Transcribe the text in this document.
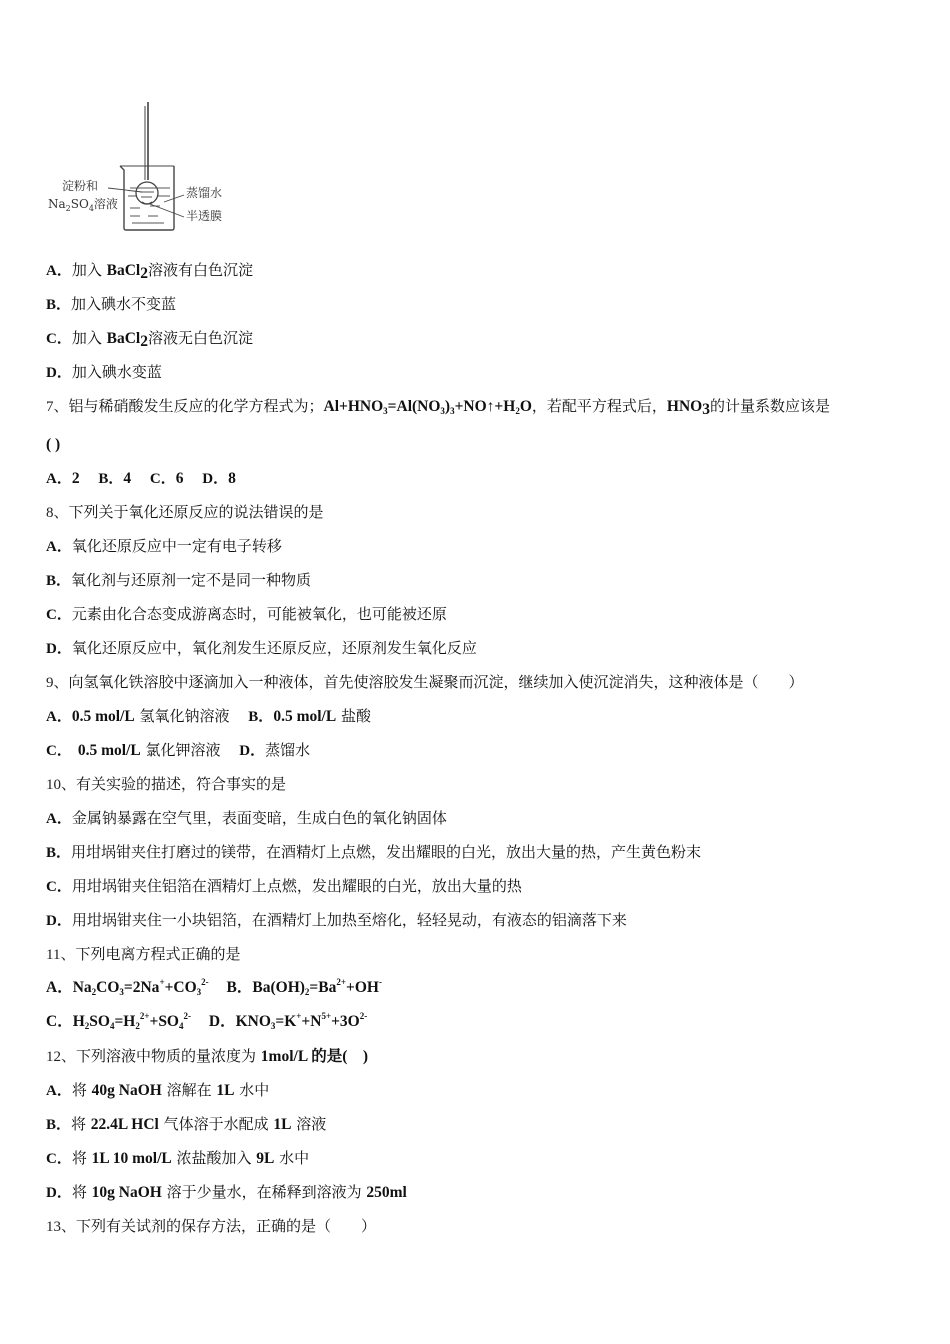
淀粉和
$Na_2SO_4$溶液
蒸馏水
半透膜
A．加入 BaCl$_2$溶液有白色沉淀
B．加入碘水不变蓝
C．加入 BaCl$_2$溶液无白色沉淀
D．加入碘水变蓝
7、铝与稀硝酸发生反应的化学方程式为；$Al+HNO_3=Al(NO_3)_3+NO↑+H_2O$，若配平方程式后，$HNO_3$的计量系数应该是
( )
A．2 B．4 C．6 D．8
8、下列关于氧化还原反应的说法错误的是
A．氧化还原反应中一定有电子转移
B．氧化剂与还原剂一定不是同一种物质
C．元素由化合态变成游离态时，可能被氧化，也可能被还原
D．氧化还原反应中，氧化剂发生还原反应，还原剂发生氧化反应
9、向氢氧化铁溶胶中逐滴加入一种液体，首先使溶胶发生凝聚而沉淀，继续加入使沉淀消失，这种液体是（　　）
A．0.5 mol/L 氢氧化钠溶液 B．0.5 mol/L 盐酸
C． 0.5 mol/L 氯化钾溶液 D．蒸馏水
10、有关实验的描述，符合事实的是
A．金属钠暴露在空气里，表面变暗，生成白色的氧化钠固体
B．用坩埚钳夹住打磨过的镁带，在酒精灯上点燃，发出耀眼的白光，放出大量的热，产生黄色粉末
C．用坩埚钳夹住铝箔在酒精灯上点燃，发出耀眼的白光，放出大量的热
D．用坩埚钳夹住一小块铝箔，在酒精灯上加热至熔化，轻轻晃动，有液态的铝滴落下来
11、下列电离方程式正确的是
A．$Na_2CO_3=2Na^++CO_3^{2-}$ B．$Ba(OH)_2=Ba^{2+}+OH^-$
C．$H_2SO_4=H_2^{2+}+SO_4^{2-}$ D．$KNO_3=K^++N^{5+}+3O^{2-}$
12、下列溶液中物质的量浓度为 1mol/L 的是(　)
A．将 40g NaOH 溶解在 1L 水中
B．将 22.4L HCl 气体溶于水配成 1L 溶液
C．将 1L 10 mol/L 浓盐酸加入 9L 水中
D．将 10g NaOH 溶于少量水，在稀释到溶液为 250ml
13、下列有关试剂的保存方法，正确的是（　　）
